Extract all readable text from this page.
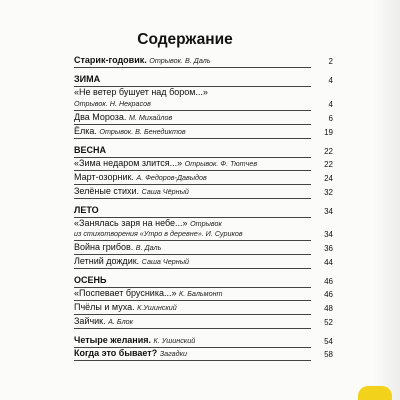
Содержание
Старик-годовик. Отрывок. В. Даль	2
ЗИМА	4
«Не ветер бушует над бором...»
Отрывок. Н. Некрасов	4
Два Мороза. М. Михайлов	6
Ёлка. Отрывок. В. Бенедиктов	19
ВЕСНА	22
«Зима недаром злится...» Отрывок. Ф. Тютчев	22
Март-озорник. А. Федоров-Давыдов	24
Зелёные стихи. Саша Чёрный	32
ЛЕТО	34
«Занялась заря на небе...» Отрывок
из стихотворения «Утро в деревне». И. Суриков	34
Война грибов. В. Даль	36
Летний дождик. Саша Черный	44
ОСЕНЬ	46
«Поспевает брусника...» К. Бальмонт	46
Пчёлы и муха. К.Ушинский	48
Зайчик. А. Блок	52
Четыре желания. К. Ушинский	54
Когда это бывает? Загадки	58
